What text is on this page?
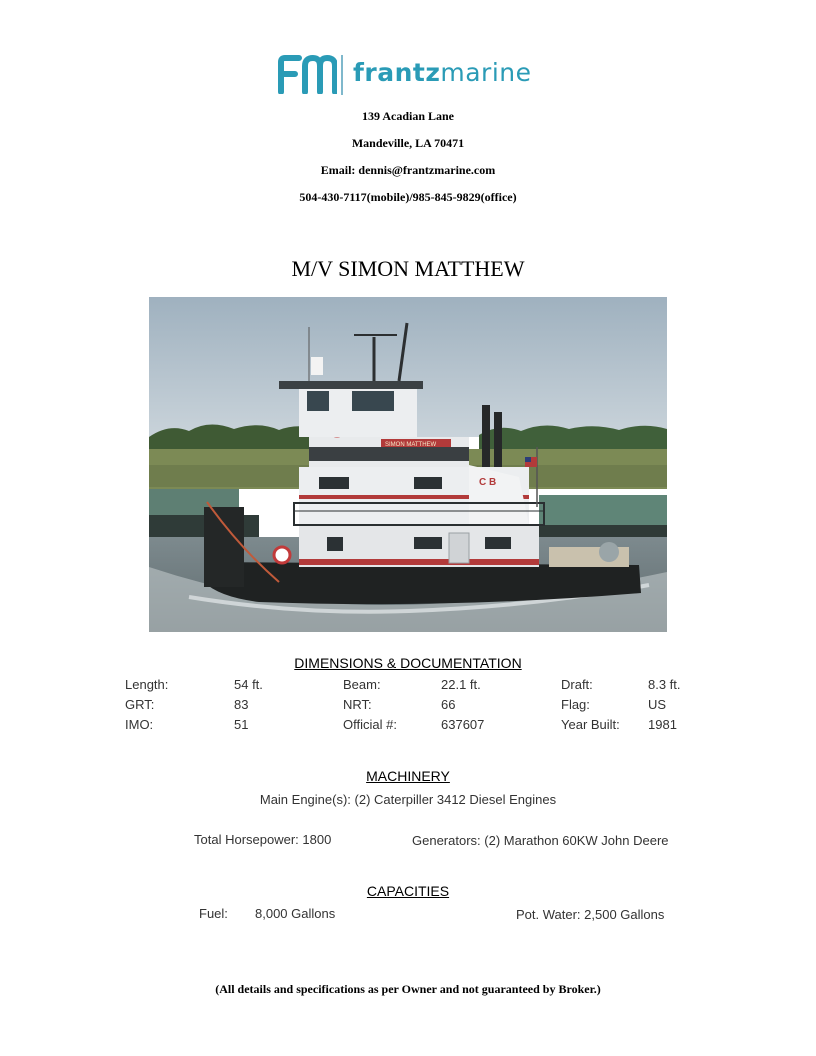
frantzmarine
139 Acadian Lane
Mandeville, LA 70471
Email: dennis@frantzmarine.com
504-430-7117(mobile)/985-845-9829(office)
M/V SIMON MATTHEW
C B
SIMON MATTHEW
DIMENSIONS & DOCUMENTATION
Length:	54 ft.	Beam:	22.1 ft.	Draft:	8.3 ft.
GRT:	83	NRT:	66	Flag:	US
IMO:	51	Official #:	637607	Year Built: 1981
MACHINERY
Main Engine(s): (2) Caterpiller 3412 Diesel Engines
Total Horsepower: 1800	Generators: (2) Marathon 60KW John Deere
CAPACITIES
Fuel: 8,000 Gallons	Pot. Water: 2,500 Gallons
(All details and specifications as per Owner and not guaranteed by Broker.)
